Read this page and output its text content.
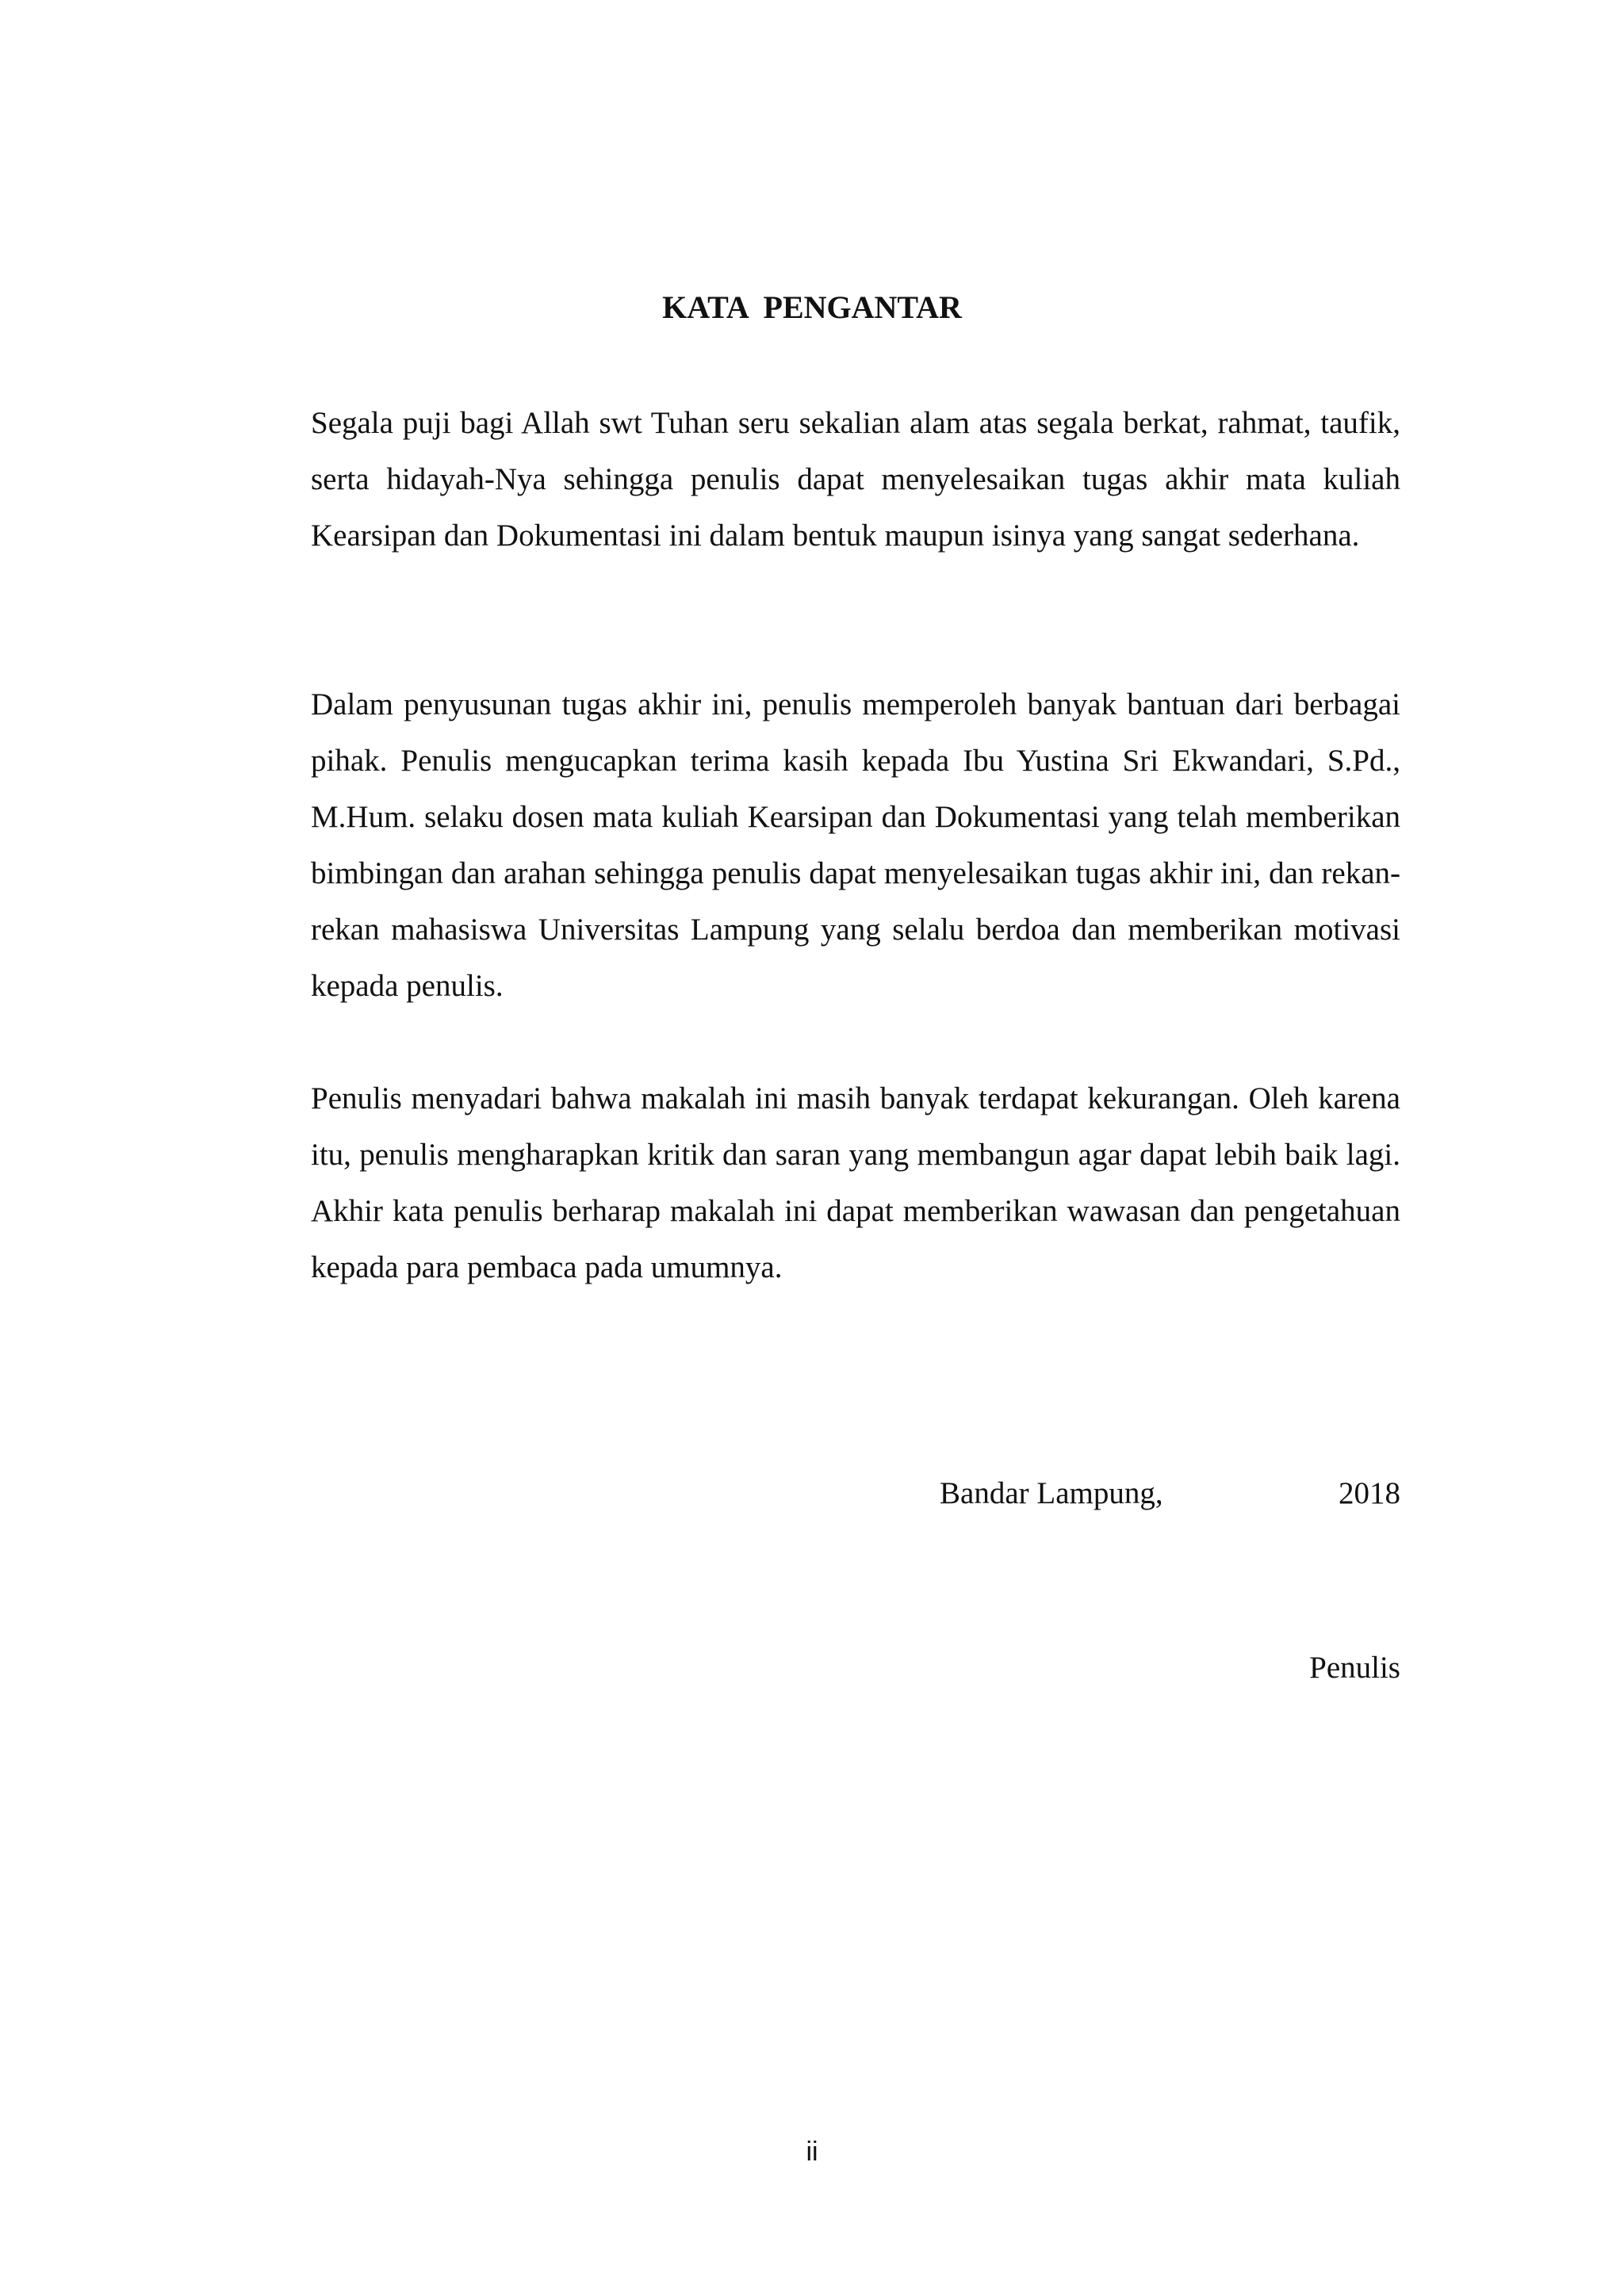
KATA PENGANTAR

Segala puji bagi Allah swt Tuhan seru sekalian alam atas segala berkat, rahmat, taufik, serta hidayah-Nya sehingga penulis dapat menyelesaikan tugas akhir mata kuliah Kearsipan dan Dokumentasi ini dalam bentuk maupun isinya yang sangat sederhana.

Dalam penyusunan tugas akhir ini, penulis memperoleh banyak bantuan dari berbagai pihak. Penulis mengucapkan terima kasih kepada Ibu Yustina Sri Ekwandari, S.Pd., M.Hum. selaku dosen mata kuliah Kearsipan dan Dokumentasi yang telah memberikan bimbingan dan arahan sehingga penulis dapat menyelesaikan tugas akhir ini, dan rekan-rekan mahasiswa Universitas Lampung yang selalu berdoa dan memberikan motivasi kepada penulis.

Penulis menyadari bahwa makalah ini masih banyak terdapat kekurangan. Oleh karena itu, penulis mengharapkan kritik dan saran yang membangun agar dapat lebih baik lagi. Akhir kata penulis berharap makalah ini dapat memberikan wawasan dan pengetahuan kepada para pembaca pada umumnya.

Bandar Lampung,	2018
Penulis
ii
